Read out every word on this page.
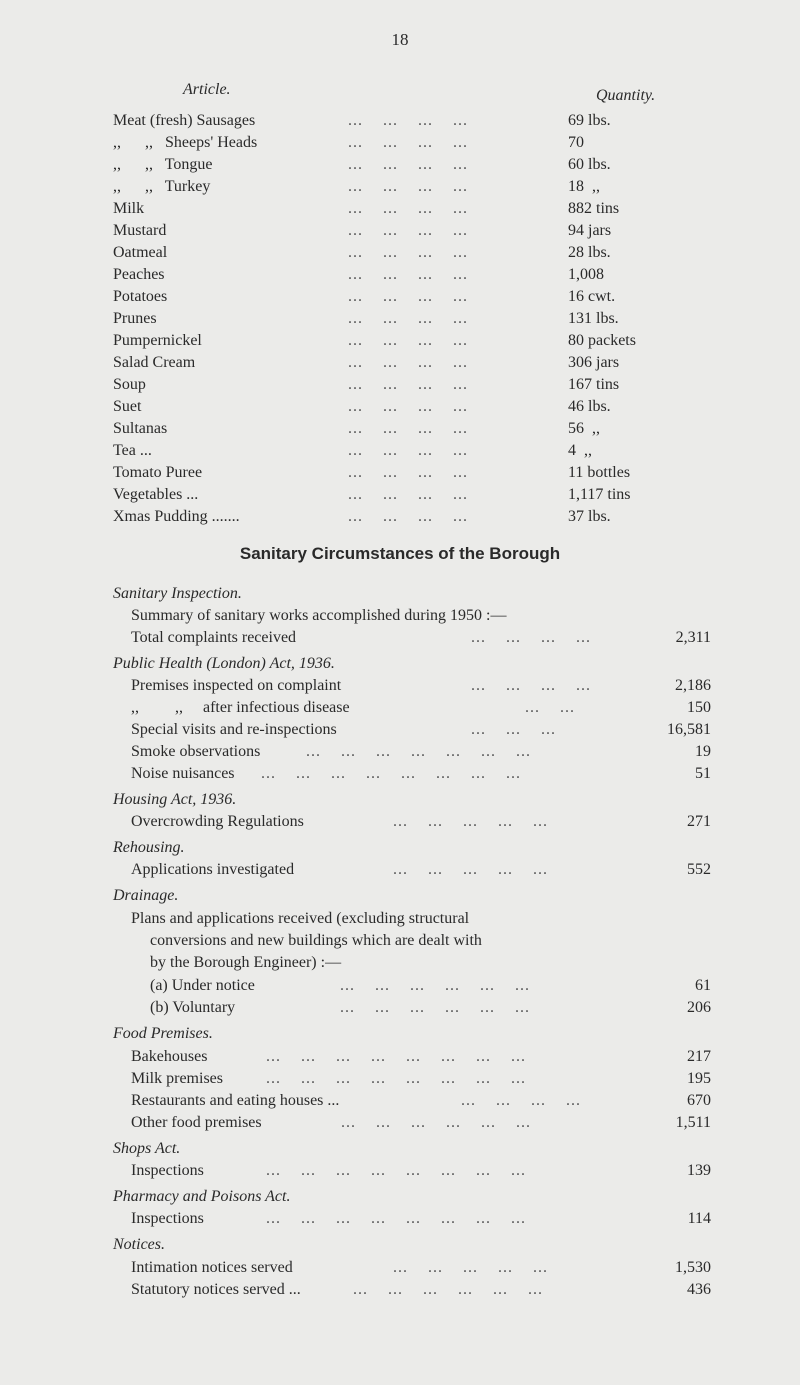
18
Article.	Quantity.
Meat (fresh) Sausages	...    ...    ...    ...	69 lbs.
,,      ,,   Sheeps' Heads	...    ...    ...    ...	70
,,      ,,   Tongue	...    ...    ...    ...	60 lbs.
,,      ,,   Turkey	...    ...    ...    ...	18  ,,
Milk	...    ...    ...    ...	882 tins
Mustard	...    ...    ...    ...	94 jars
Oatmeal	...    ...    ...    ...	28 lbs.
Peaches	...    ...    ...    ...	1,008
Potatoes	...    ...    ...    ...	16 cwt.
Prunes	...    ...    ...    ...	131 lbs.
Pumpernickel	...    ...    ...    ...	80 packets
Salad Cream	...    ...    ...    ...	306 jars
Soup	...    ...    ...    ...	167 tins
Suet	...    ...    ...    ...	46 lbs.
Sultanas	...    ...    ...    ...	56  ,,
Tea ...	...    ...    ...    ...	4  ,,
Tomato Puree	...    ...    ...    ...	11 bottles
Vegetables ...	...    ...    ...    ...	1,117 tins
Xmas Pudding .......	...    ...    ...    ...	37 lbs.
Sanitary Circumstances of the Borough
Sanitary Inspection.
Summary of sanitary works accomplished during 1950 :—
Total complaints received	...    ...    ...    ...	2,311
Public Health (London) Act, 1936.
Premises inspected on complaint	...    ...    ...    ...	2,186
,,         ,,     after infectious disease	...    ...	150
Special visits and re-inspections	...    ...    ...	16,581
Smoke observations	...    ...    ...    ...    ...    ...    ...	19
Noise nuisances ...    ...    ...    ...    ...    ...    ...    ...	51
Housing Act, 1936.
Overcrowding Regulations	...    ...    ...    ...    ...	271
Rehousing.
Applications investigated	...    ...    ...    ...    ...	552
Drainage.
Plans and applications received (excluding structural
conversions and new buildings which are dealt with
by the Borough Engineer) :—
(a) Under notice	...    ...    ...    ...    ...    ...	61
(b) Voluntary	...    ...    ...    ...    ...    ...	206
Food Premises.
Bakehouses	...    ...    ...    ...    ...    ...    ...    ...	217
Milk premises	...    ...    ...    ...    ...    ...    ...    ...	195
Restaurants and eating houses ...	...    ...    ...    ...	670
Other food premises	...    ...    ...    ...    ...    ...	1,511
Shops Act.
Inspections	...    ...    ...    ...    ...    ...    ...    ...	139
Pharmacy and Poisons Act.
Inspections	...    ...    ...    ...    ...    ...    ...    ...	114
Notices.
Intimation notices served	...    ...    ...    ...    ...	1,530
Statutory notices served ...	...    ...    ...    ...    ...    ...	436
